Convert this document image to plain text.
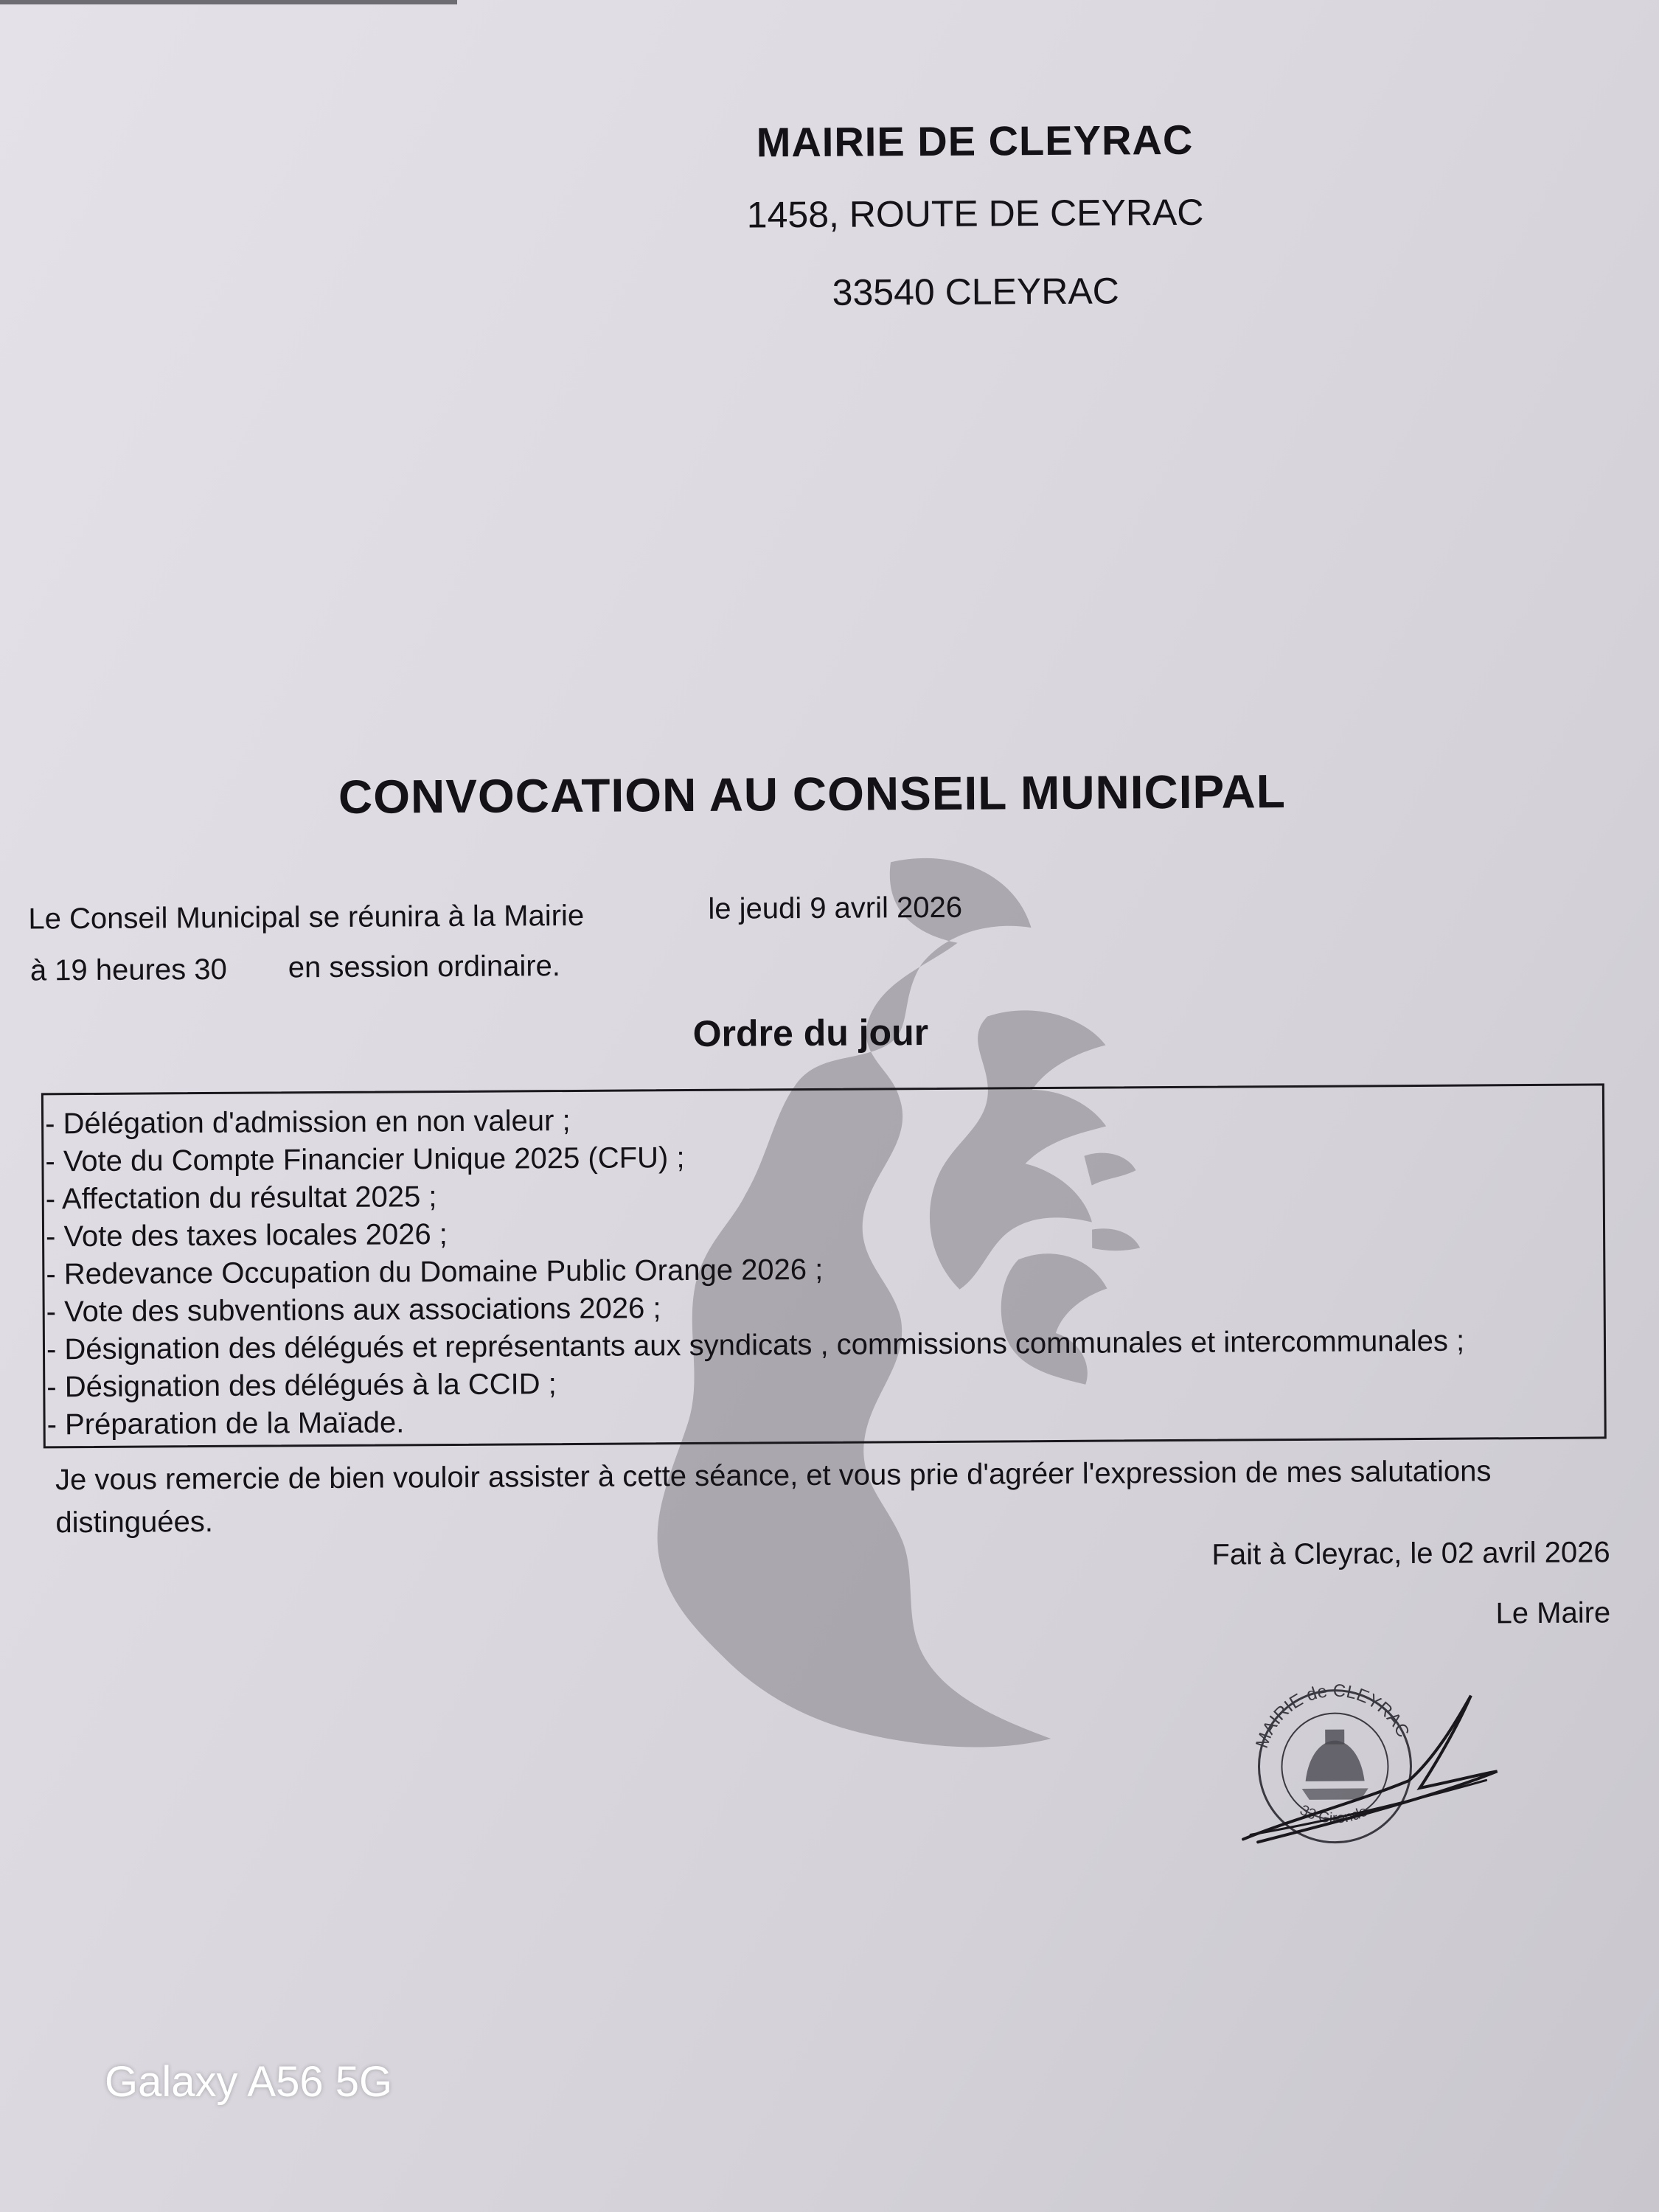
MAIRIE DE CLEYRAC
1458, ROUTE DE CEYRAC
33540 CLEYRAC
CONVOCATION AU CONSEIL MUNICIPAL
Le Conseil Municipal se réunira à la Mairie	le jeudi 9 avril 2026
à 19 heures 30 en session ordinaire.
Ordre du jour
- Délégation d'admission en non valeur ;
- Vote du Compte Financier Unique 2025 (CFU) ;
- Affectation du résultat 2025 ;
- Vote des taxes locales 2026 ;
- Redevance Occupation du Domaine Public Orange 2026 ;
- Vote des subventions aux associations 2026 ;
- Désignation des délégués et représentants aux syndicats , commissions communales et intercommunales ;
- Désignation des délégués à la CCID ;
- Préparation de la Maïade.
Je vous remercie de bien vouloir assister à cette séance, et vous prie d'agréer l'expression de mes salutations distinguées.
Fait à Cleyrac, le 02 avril 2026
Le Maire
MAIRIE de CLEYRAC
33 Gironde
Galaxy A56 5G
